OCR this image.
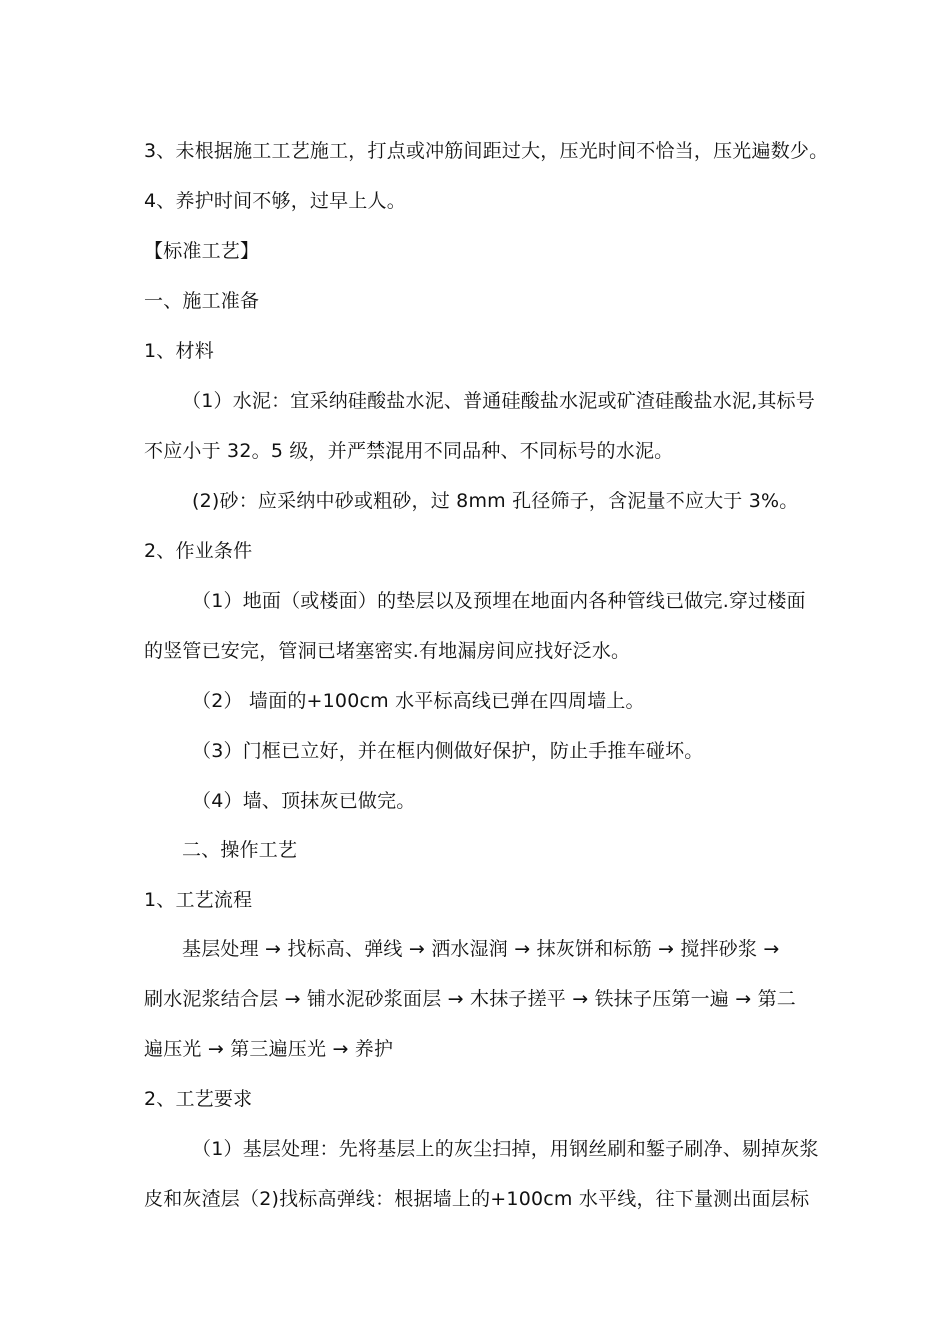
3、未根据施工工艺施工，打点或冲筋间距过大，压光时间不恰当，压光遍数少。
4、养护时间不够，过早上人。
【标准工艺】
一、施工准备
1、材料
（1）水泥：宜采纳硅酸盐水泥、普通硅酸盐水泥或矿渣硅酸盐水泥,其标号
不应小于 32。5 级，并严禁混用不同品种、不同标号的水泥。
(2)砂：应采纳中砂或粗砂，过 8mm 孔径筛子，含泥量不应大于 3%。
2、作业条件
（1）地面（或楼面）的垫层以及预埋在地面内各种管线已做完.穿过楼面
的竖管已安完，管洞已堵塞密实.有地漏房间应找好泛水。
（2） 墙面的+100cm 水平标高线已弹在四周墙上。
（3）门框已立好，并在框内侧做好保护，防止手推车碰坏。
（4）墙、顶抹灰已做完。
二、操作工艺
1、工艺流程
基层处理 → 找标高、弹线 → 洒水湿润 → 抹灰饼和标筋 → 搅拌砂浆 →
刷水泥浆结合层 → 铺水泥砂浆面层 → 木抹子搓平 → 铁抹子压第一遍 → 第二
遍压光 → 第三遍压光 → 养护
2、工艺要求
（1）基层处理：先将基层上的灰尘扫掉，用钢丝刷和錾子刷净、剔掉灰浆
皮和灰渣层（2)找标高弹线：根据墙上的+100cm 水平线，往下量测出面层标
